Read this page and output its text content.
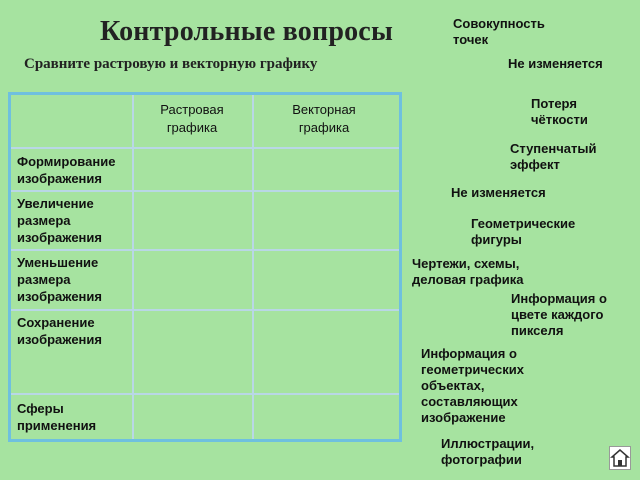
Контрольные вопросы
Сравните растровую и векторную графику
Растровая
графика
Векторная
графика
Формирование
изображения
Увеличение
размера
изображения
Уменьшение
размера
изображения
Сохранение
изображения
Сферы
применения
Совокупность
точек
Не изменяется
Потеря
чёткости
Ступенчатый
эффект
Не изменяется
Геометрические
фигуры
Чертежи, схемы,
деловая графика
Информация о
цвете каждого
пикселя
Информация о
геометрических
объектах,
составляющих
изображение
Иллюстрации,
фотографии
